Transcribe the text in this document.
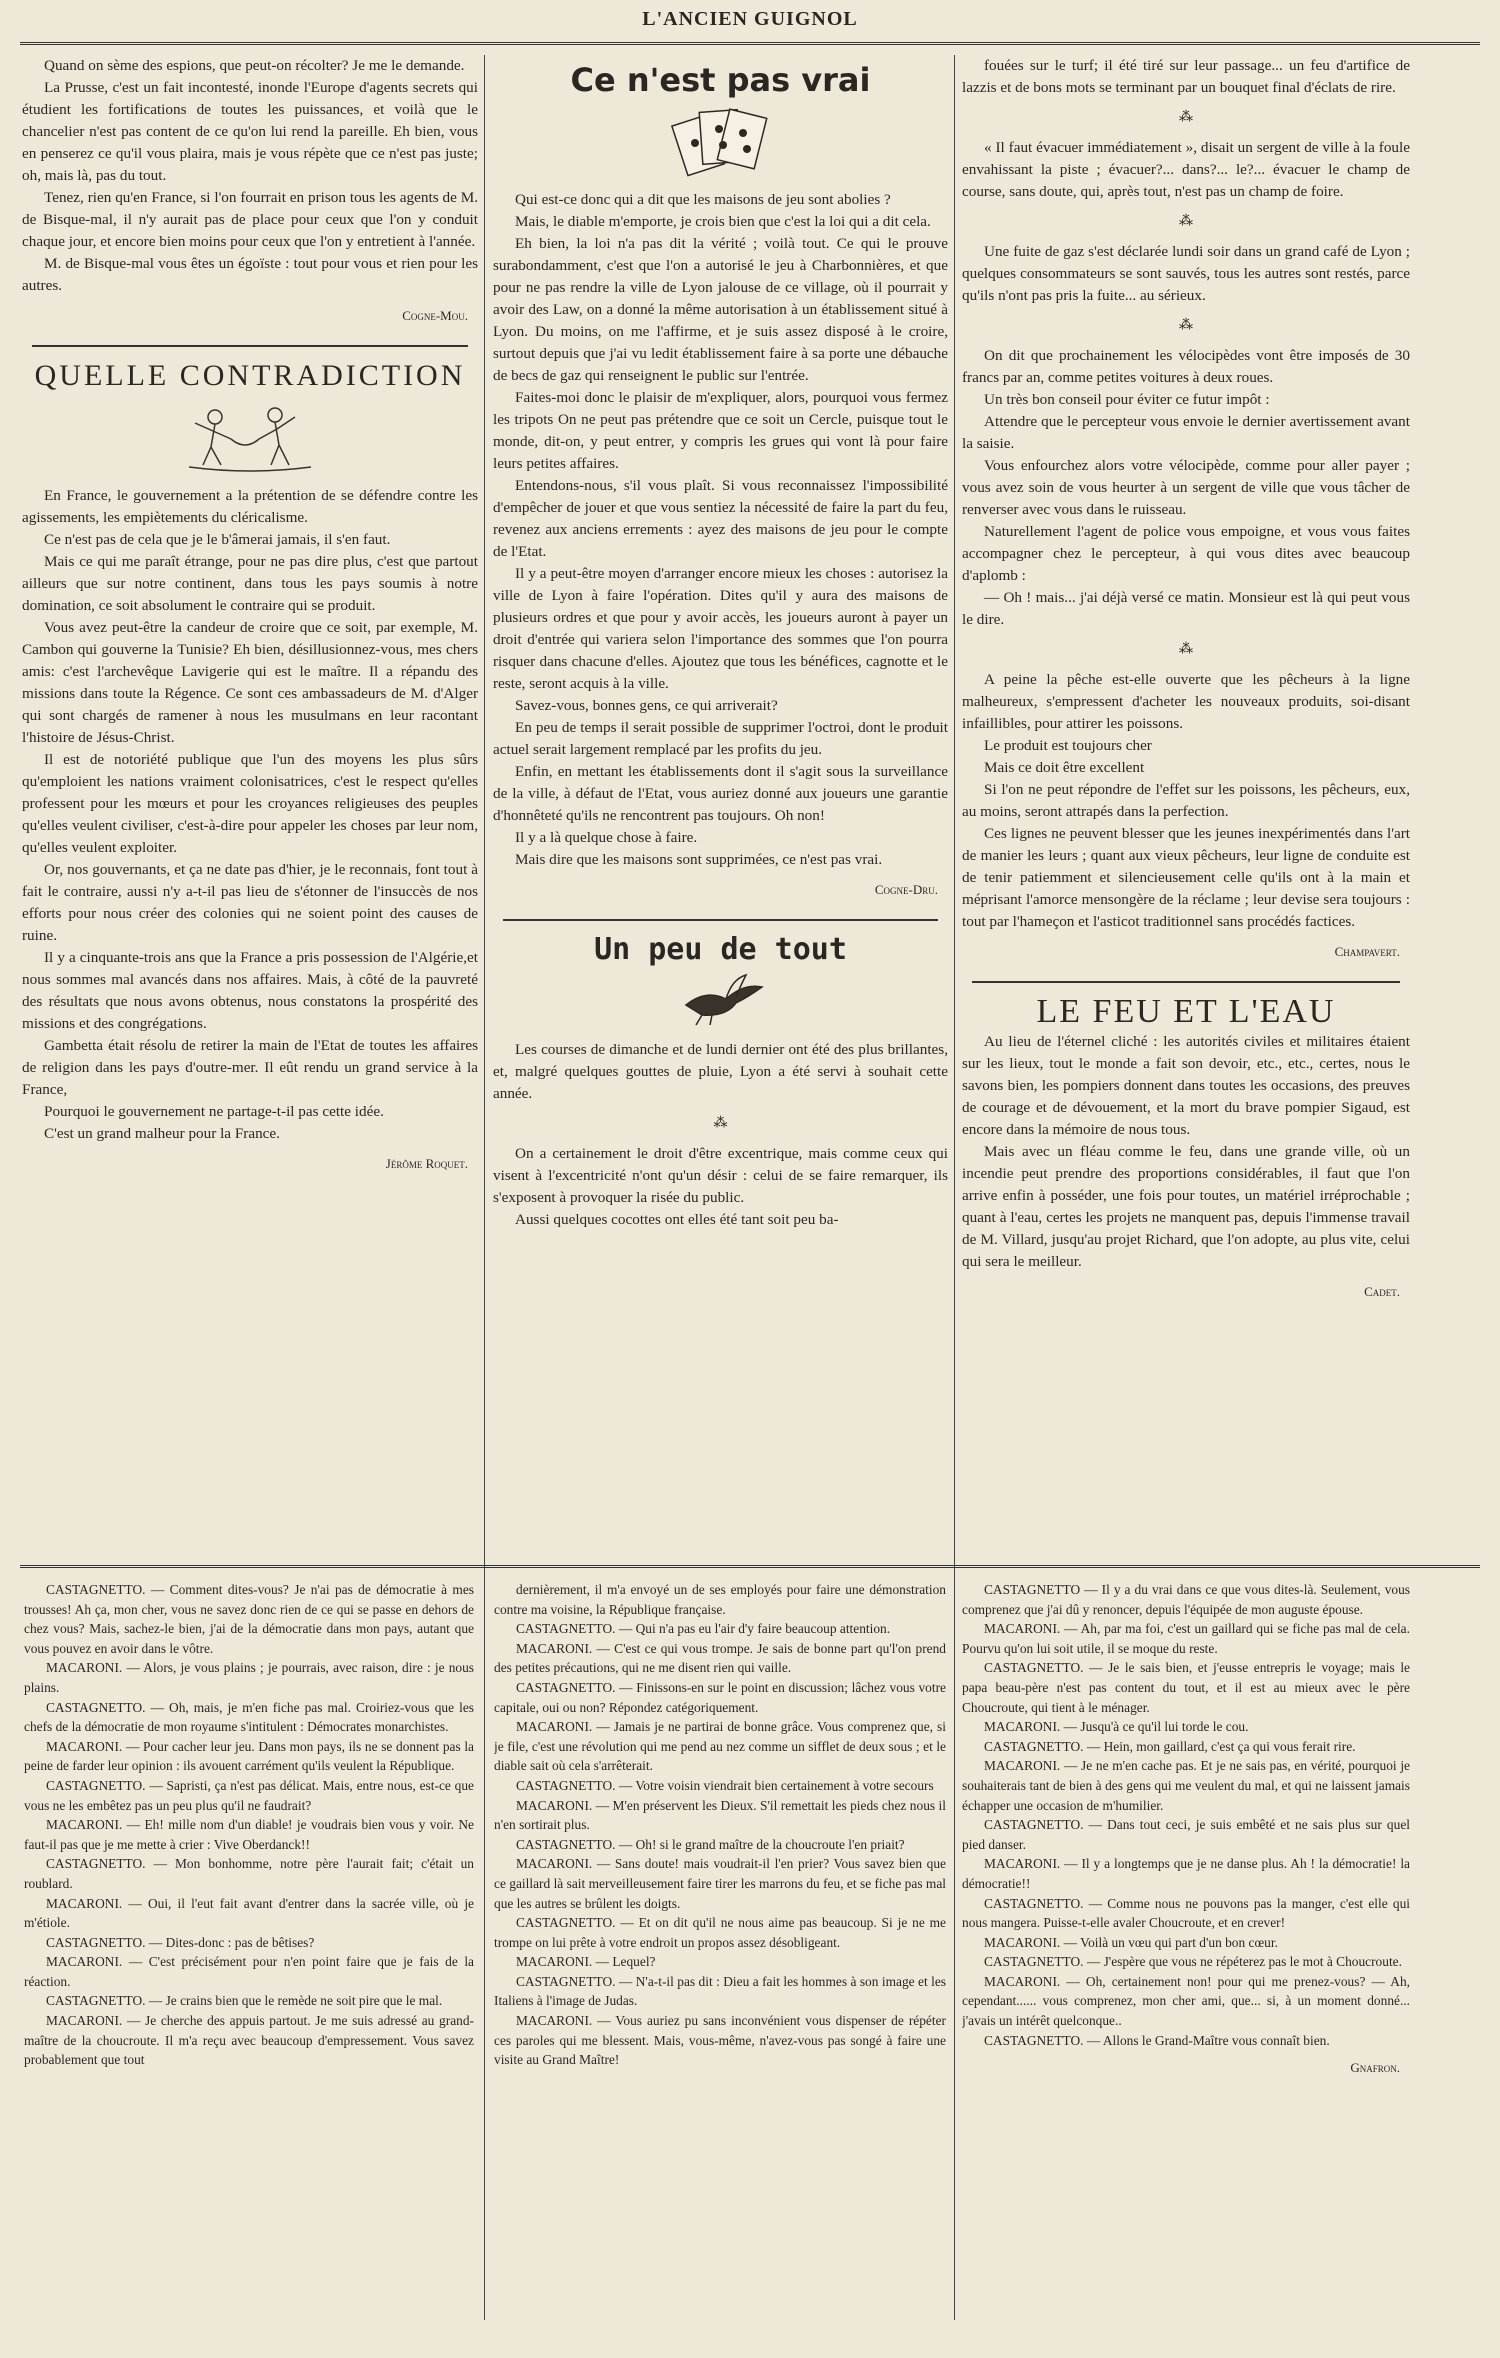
L'ANCIEN GUIGNOL

Quand on sème des espions, que peut-on récolter? Je me le demande.

La Prusse, c'est un fait incontesté, inonde l'Europe d'agents secrets qui étudient les fortifications de toutes les puissances, et voilà que le chancelier n'est pas content de ce qu'on lui rend la pareille. Eh bien, vous en penserez ce qu'il vous plaira, mais je vous répète que ce n'est pas juste; oh, mais là, pas du tout.

Tenez, rien qu'en France, si l'on fourrait en prison tous les agents de M. de Bisque-mal, il n'y aurait pas de place pour ceux que l'on y conduit chaque jour, et encore bien moins pour ceux que l'on y entretient à l'année.

M. de Bisque-mal vous êtes un égoïste : tout pour vous et rien pour les autres.

Cogne-Mou.

QUELLE CONTRADICTION

En France, le gouvernement a la prétention de se défendre contre les agissements, les empiètements du cléricalisme.

Ce n'est pas de cela que je le b'âmerai jamais, il s'en faut.

Mais ce qui me paraît étrange, pour ne pas dire plus, c'est que partout ailleurs que sur notre continent, dans tous les pays soumis à notre domination, ce soit absolument le contraire qui se produit.

Vous avez peut-être la candeur de croire que ce soit, par exemple, M. Cambon qui gouverne la Tunisie? Eh bien, désillusionnez-vous, mes chers amis: c'est l'archevêque Lavigerie qui est le maître. Il a répandu des missions dans toute la Régence. Ce sont ces ambassadeurs de M. d'Alger qui sont chargés de ramener à nous les musulmans en leur racontant l'histoire de Jésus-Christ.

Il est de notoriété publique que l'un des moyens les plus sûrs qu'emploient les nations vraiment colonisatrices, c'est le respect qu'elles professent pour les mœurs et pour les croyances religieuses des peuples qu'elles veulent civiliser, c'est-à-dire pour appeler les choses par leur nom, qu'elles veulent exploiter.

Or, nos gouvernants, et ça ne date pas d'hier, je le reconnais, font tout à fait le contraire, aussi n'y a-t-il pas lieu de s'étonner de l'insuccès de nos efforts pour nous créer des colonies qui ne soient point des causes de ruine.

Il y a cinquante-trois ans que la France a pris possession de l'Algérie,et nous sommes mal avancés dans nos affaires. Mais, à côté de la pauvreté des résultats que nous avons obtenus, nous constatons la prospérité des missions et des congrégations.

Gambetta était résolu de retirer la main de l'Etat de toutes les affaires de religion dans les pays d'outre-mer. Il eût rendu un grand service à la France,

Pourquoi le gouvernement ne partage-t-il pas cette idée.

C'est un grand malheur pour la France.

Jérôme Roquet.

Ce n'est pas vrai

Qui est-ce donc qui a dit que les maisons de jeu sont abolies ?

Mais, le diable m'emporte, je crois bien que c'est la loi qui a dit cela.

Eh bien, la loi n'a pas dit la vérité ; voilà tout. Ce qui le prouve surabondamment, c'est que l'on a autorisé le jeu à Charbonnières, et que pour ne pas rendre la ville de Lyon jalouse de ce village, où il pourrait y avoir des Law, on a donné la même autorisation à un établissement situé à Lyon. Du moins, on me l'affirme, et je suis assez disposé à le croire, surtout depuis que j'ai vu ledit établissement faire à sa porte une débauche de becs de gaz qui renseignent le public sur l'entrée.

Faites-moi donc le plaisir de m'expliquer, alors, pourquoi vous fermez les tripots On ne peut pas prétendre que ce soit un Cercle, puisque tout le monde, dit-on, y peut entrer, y compris les grues qui vont là pour faire leurs petites affaires.

Entendons-nous, s'il vous plaît. Si vous reconnaissez l'impossibilité d'empêcher de jouer et que vous sentiez la nécessité de faire la part du feu, revenez aux anciens errements : ayez des maisons de jeu pour le compte de l'Etat.

Il y a peut-être moyen d'arranger encore mieux les choses : autorisez la ville de Lyon à faire l'opération. Dites qu'il y aura des maisons de plusieurs ordres et que pour y avoir accès, les joueurs auront à payer un droit d'entrée qui variera selon l'importance des sommes que l'on pourra risquer dans chacune d'elles. Ajoutez que tous les bénéfices, cagnotte et le reste, seront acquis à la ville.

Savez-vous, bonnes gens, ce qui arriverait?

En peu de temps il serait possible de supprimer l'octroi, dont le produit actuel serait largement remplacé par les profits du jeu.

Enfin, en mettant les établissements dont il s'agit sous la surveillance de la ville, à défaut de l'Etat, vous auriez donné aux joueurs une garantie d'honnêteté qu'ils ne rencontrent pas toujours. Oh non!

Il y a là quelque chose à faire.

Mais dire que les maisons sont supprimées, ce n'est pas vrai.

Cogne-Dru.

Un peu de tout

Les courses de dimanche et de lundi dernier ont été des plus brillantes, et, malgré quelques gouttes de pluie, Lyon a été servi à souhait cette année.

⁂

On a certainement le droit d'être excentrique, mais comme ceux qui visent à l'excentricité n'ont qu'un désir : celui de se faire remarquer, ils s'exposent à provoquer la risée du public.

Aussi quelques cocottes ont elles été tant soit peu ba-

fouées sur le turf; il été tiré sur leur passage... un feu d'artifice de lazzis et de bons mots se terminant par un bouquet final d'éclats de rire.

⁂

« Il faut évacuer immédiatement », disait un sergent de ville à la foule envahissant la piste ; évacuer?... dans?... le?... évacuer le champ de course, sans doute, qui, après tout, n'est pas un champ de foire.

⁂

Une fuite de gaz s'est déclarée lundi soir dans un grand café de Lyon ; quelques consommateurs se sont sauvés, tous les autres sont restés, parce qu'ils n'ont pas pris la fuite... au sérieux.

⁂

On dit que prochainement les vélocipèdes vont être imposés de 30 francs par an, comme petites voitures à deux roues.

Un très bon conseil pour éviter ce futur impôt :

Attendre que le percepteur vous envoie le dernier avertissement avant la saisie.

Vous enfourchez alors votre vélocipède, comme pour aller payer ; vous avez soin de vous heurter à un sergent de ville que vous tâcher de renverser avec vous dans le ruisseau.

Naturellement l'agent de police vous empoigne, et vous vous faites accompagner chez le percepteur, à qui vous dites avec beaucoup d'aplomb :

— Oh ! mais... j'ai déjà versé ce matin. Monsieur est là qui peut vous le dire.

⁂

A peine la pêche est-elle ouverte que les pêcheurs à la ligne malheureux, s'empressent d'acheter les nouveaux produits, soi-disant infaillibles, pour attirer les poissons.

Le produit est toujours cher

Mais ce doit être excellent

Si l'on ne peut répondre de l'effet sur les poissons, les pêcheurs, eux, au moins, seront attrapés dans la perfection.

Ces lignes ne peuvent blesser que les jeunes inexpérimentés dans l'art de manier les leurs ; quant aux vieux pêcheurs, leur ligne de conduite est de tenir patiemment et silencieusement celle qu'ils ont à la main et méprisant l'amorce mensongère de la réclame ; leur devise sera toujours : tout par l'hameçon et l'asticot traditionnel sans procédés factices.

Champavert.

LE FEU ET L'EAU

Au lieu de l'éternel cliché : les autorités civiles et militaires étaient sur les lieux, tout le monde a fait son devoir, etc., etc., certes, nous le savons bien, les pompiers donnent dans toutes les occasions, des preuves de courage et de dévouement, et la mort du brave pompier Sigaud, est encore dans la mémoire de nous tous.

Mais avec un fléau comme le feu, dans une grande ville, où un incendie peut prendre des proportions considérables, il faut que l'on arrive enfin à posséder, une fois pour toutes, un matériel irréprochable ; quant à l'eau, certes les projets ne manquent pas, depuis l'immense travail de M. Villard, jusqu'au projet Richard, que l'on adopte, au plus vite, celui qui sera le meilleur.

Cadet.

CASTAGNETTO. — Comment dites-vous? Je n'ai pas de démocratie à mes trousses! Ah ça, mon cher, vous ne savez donc rien de ce qui se passe en dehors de chez vous? Mais, sachez-le bien, j'ai de la démocratie dans mon pays, autant que vous pouvez en avoir dans le vôtre.

MACARONI. — Alors, je vous plains ; je pourrais, avec raison, dire : je nous plains.

CASTAGNETTO. — Oh, mais, je m'en fiche pas mal. Croiriez-vous que les chefs de la démocratie de mon royaume s'intitulent : Démocrates monarchistes.

MACARONI. — Pour cacher leur jeu. Dans mon pays, ils ne se donnent pas la peine de farder leur opinion : ils avouent carrément qu'ils veulent la République.

CASTAGNETTO. — Sapristi, ça n'est pas délicat. Mais, entre nous, est-ce que vous ne les embêtez pas un peu plus qu'il ne faudrait?

MACARONI. — Eh! mille nom d'un diable! je voudrais bien vous y voir. Ne faut-il pas que je me mette à crier : Vive Oberdanck!!

CASTAGNETTO. — Mon bonhomme, notre père l'aurait fait; c'était un roublard.

MACARONI. — Oui, il l'eut fait avant d'entrer dans la sacrée ville, où je m'étiole.

CASTAGNETTO. — Dites-donc : pas de bêtises?

MACARONI. — C'est précisément pour n'en point faire que je fais de la réaction.

CASTAGNETTO. — Je crains bien que le remède ne soit pire que le mal.

MACARONI. — Je cherche des appuis partout. Je me suis adressé au grand-maître de la choucroute. Il m'a reçu avec beaucoup d'empressement. Vous savez probablement que tout

dernièrement, il m'a envoyé un de ses employés pour faire une démonstration contre ma voisine, la République française.

CASTAGNETTO. — Qui n'a pas eu l'air d'y faire beaucoup attention.

MACARONI. — C'est ce qui vous trompe. Je sais de bonne part qu'l'on prend des petites précautions, qui ne me disent rien qui vaille.

CASTAGNETTO. — Finissons-en sur le point en discussion; lâchez vous votre capitale, oui ou non? Répondez catégoriquement.

MACARONI. — Jamais je ne partirai de bonne grâce. Vous comprenez que, si je file, c'est une révolution qui me pend au nez comme un sifflet de deux sous ; et le diable sait où cela s'arrêterait.

CASTAGNETTO. — Votre voisin viendrait bien certainement à votre secours

MACARONI. — M'en préservent les Dieux. S'il remettait les pieds chez nous il n'en sortirait plus.

CASTAGNETTO. — Oh! si le grand maître de la choucroute l'en priait?

MACARONI. — Sans doute! mais voudrait-il l'en prier? Vous savez bien que ce gaillard là sait merveilleusement faire tirer les marrons du feu, et se fiche pas mal que les autres se brûlent les doigts.

CASTAGNETTO. — Et on dit qu'il ne nous aime pas beaucoup. Si je ne me trompe on lui prête à votre endroit un propos assez désobligeant.

MACARONI. — Lequel?

CASTAGNETTO. — N'a-t-il pas dit : Dieu a fait les hommes à son image et les Italiens à l'image de Judas.

MACARONI. — Vous auriez pu sans inconvénient vous dispenser de répéter ces paroles qui me blessent. Mais, vous-même, n'avez-vous pas songé à faire une visite au Grand Maître!

CASTAGNETTO — Il y a du vrai dans ce que vous dites-là. Seulement, vous comprenez que j'ai dû y renoncer, depuis l'équipée de mon auguste épouse.

MACARONI. — Ah, par ma foi, c'est un gaillard qui se fiche pas mal de cela. Pourvu qu'on lui soit utile, il se moque du reste.

CASTAGNETTO. — Je le sais bien, et j'eusse entrepris le voyage; mais le papa beau-père n'est pas content du tout, et il est au mieux avec le père Choucroute, qui tient à le ménager.

MACARONI. — Jusqu'à ce qu'il lui torde le cou.

CASTAGNETTO. — Hein, mon gaillard, c'est ça qui vous ferait rire.

MACARONI. — Je ne m'en cache pas. Et je ne sais pas, en vérité, pourquoi je souhaiterais tant de bien à des gens qui me veulent du mal, et qui ne laissent jamais échapper une occasion de m'humilier.

CASTAGNETTO. — Dans tout ceci, je suis embêté et ne sais plus sur quel pied danser.

MACARONI. — Il y a longtemps que je ne danse plus. Ah ! la démocratie! la démocratie!!

CASTAGNETTO. — Comme nous ne pouvons pas la manger, c'est elle qui nous mangera. Puisse-t-elle avaler Choucroute, et en crever!

MACARONI. — Voilà un vœu qui part d'un bon cœur.

CASTAGNETTO. — J'espère que vous ne répéterez pas le mot à Choucroute.

MACARONI. — Oh, certainement non! pour qui me prenez-vous? — Ah, cependant...... vous comprenez, mon cher ami, que... si, à un moment donné... j'avais un intérêt quelconque..

CASTAGNETTO. — Allons le Grand-Maître vous connaît bien.

Gnafron.
